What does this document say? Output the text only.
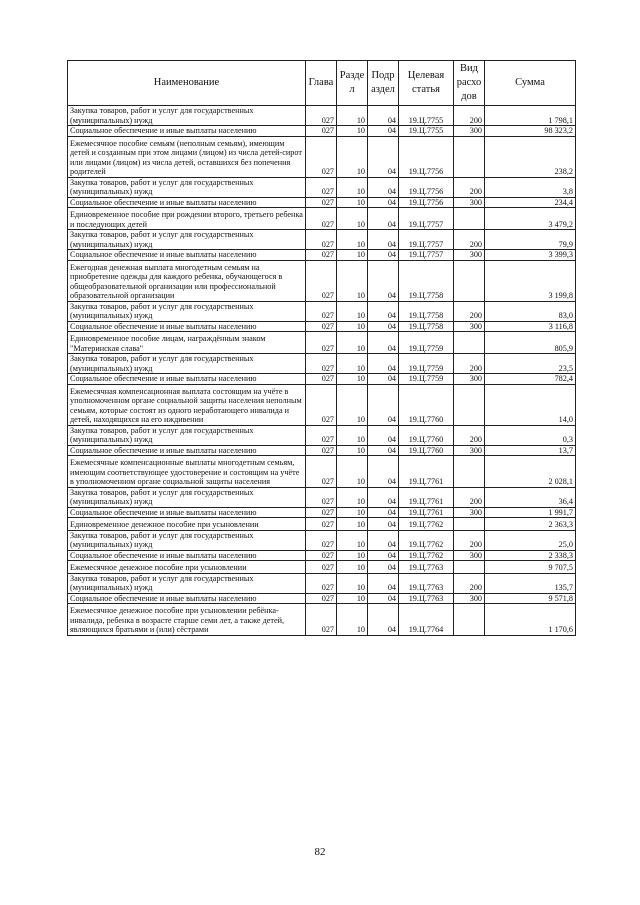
Наименование	Глава	Разде л	Подр аздел	Целевая статья	Вид расхо дов	Сумма
Закупка товаров, работ и услуг для государственных (муниципальных) нужд	027	10	04	19.Ц.7755	200	1 798,1
Социальное обеспечение и иные выплаты населению	027	10	04	19.Ц.7755	300	98 323,2
Ежемесячное пособие семьям (неполным семьям), имеющим детей и созданным при этом лицами (лицом) из числа детей-сирот или лицами (лицом) из числа детей, оставшихся без попечения родителей	027	10	04	19.Ц.7756		238,2
Закупка товаров, работ и услуг для государственных (муниципальных) нужд	027	10	04	19.Ц.7756	200	3,8
Социальное обеспечение и иные выплаты населению	027	10	04	19.Ц.7756	300	234,4
Единовременное пособие при рождении второго, третьего ребенка и последующих детей	027	10	04	19.Ц.7757		3 479,2
Закупка товаров, работ и услуг для государственных (муниципальных) нужд	027	10	04	19.Ц.7757	200	79,9
Социальное обеспечение и иные выплаты населению	027	10	04	19.Ц.7757	300	3 399,3
Ежегодная денежная выплата многодетным семьям на приобретение одежды для каждого ребенка, обучающегося в общеобразовательной организации или профессиональной образовательной организации	027	10	04	19.Ц.7758		3 199,8
Закупка товаров, работ и услуг для государственных (муниципальных) нужд	027	10	04	19.Ц.7758	200	83,0
Социальное обеспечение и иные выплаты населению	027	10	04	19.Ц.7758	300	3 116,8
Единовременное пособие лицам, награждённым знаком "Материнская слава"	027	10	04	19.Ц.7759		805,9
Закупка товаров, работ и услуг для государственных (муниципальных) нужд	027	10	04	19.Ц.7759	200	23,5
Социальное обеспечение и иные выплаты населению	027	10	04	19.Ц.7759	300	782,4
Ежемесячная компенсационная выплата состоящим на учёте в уполномоченном органе социальной защиты населения неполным семьям, которые состоят из одного неработающего инвалида и детей, находящихся на его иждивении	027	10	04	19.Ц.7760		14,0
Закупка товаров, работ и услуг для государственных (муниципальных) нужд	027	10	04	19.Ц.7760	200	0,3
Социальное обеспечение и иные выплаты населению	027	10	04	19.Ц.7760	300	13,7
Ежемесячные компенсационные выплаты многодетным семьям, имеющим соответствующее удостоверение и состоящим на учёте в уполномоченном органе социальной защиты населения	027	10	04	19.Ц.7761		2 028,1
Закупка товаров, работ и услуг для государственных (муниципальных) нужд	027	10	04	19.Ц.7761	200	36,4
Социальное обеспечение и иные выплаты населению	027	10	04	19.Ц.7761	300	1 991,7
Единовременное денежное пособие при усыновлении	027	10	04	19.Ц.7762		2 363,3
Закупка товаров, работ и услуг для государственных (муниципальных) нужд	027	10	04	19.Ц.7762	200	25,0
Социальное обеспечение и иные выплаты населению	027	10	04	19.Ц.7762	300	2 338,3
Ежемесячное денежное пособие при усыновлении	027	10	04	19.Ц.7763		9 707,5
Закупка товаров, работ и услуг для государственных (муниципальных) нужд	027	10	04	19.Ц.7763	200	135,7
Социальное обеспечение и иные выплаты населению	027	10	04	19.Ц.7763	300	9 571,8
Ежемесячное денежное пособие при усыновлении ребёнка-инвалида, ребенка в возрасте старше семи лет, а также детей, являющихся братьями и (или) сёстрами	027	10	04	19.Ц.7764		1 170,6
82
